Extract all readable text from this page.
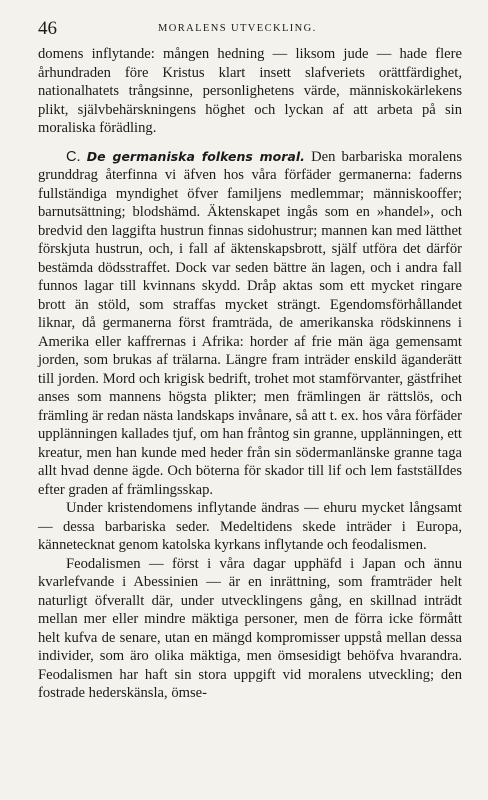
46	MORALENS UTVECKLING.

domens inflytande: mången hedning — liksom jude — hade flere århundraden före Kristus klart insett slafveriets orättfärdighet, nationalhatets trångsinne, personlighetens värde, människokärlekens plikt, självbehärskningens höghet och lyckan af att arbeta på sin moraliska förädling.

C. De germaniska folkens moral. Den barbariska moralens grunddrag återfinna vi äfven hos våra förfäder germanerna: faderns fullständiga myndighet öfver familjens medlemmar; människooffer; barnutsättning; blodshämd. Äktenskapet ingås som en »handel», och bredvid den laggifta hustrun finnas sidohustrur; mannen kan med lätthet förskjuta hustrun, och, i fall af äktenskapsbrott, själf utföra det därför bestämda dödsstraffet. Dock var seden bättre än lagen, och i andra fall funnos lagar till kvinnans skydd. Dråp aktas som ett mycket ringare brott än stöld, som straffas mycket strängt. Egendomsförhållandet liknar, då germanerna först framträda, de amerikanska rödskinnens i Amerika eller kaffrernas i Afrika: horder af frie män äga gemensamt jorden, som brukas af trälarna. Längre fram inträder enskild äganderätt till jorden. Mord och krigisk bedrift, trohet mot stamförvanter, gästfrihet anses som mannens högsta plikter; men främlingen är rättslös, och främling är redan nästa landskaps invånare, så att t. ex. hos våra förfäder upplänningen kallades tjuf, om han fråntog sin granne, upplänningen, ett kreatur, men han kunde med heder från sin södermanlänske granne taga allt hvad denne ägde. Och böterna för skador till lif och lem faststälIdes efter graden af främlingsskap.

Under kristendomens inflytande ändras — ehuru mycket långsamt — dessa barbariska seder. Medeltidens skede inträder i Europa, kännetecknat genom katolska kyrkans inflytande och feodalismen.

Feodalismen — först i våra dagar upphäfd i Japan och ännu kvarlefvande i Abessinien — är en inrättning, som framträder helt naturligt öfverallt där, under utvecklingens gång, en skillnad inträdt mellan mer eller mindre mäktiga personer, men de förra icke förmått helt kufva de senare, utan en mängd kompromisser uppstå mellan dessa individer, som äro olika mäktiga, men ömsesidigt behöfva hvarandra. Feodalismen har haft sin stora uppgift vid moralens utveckling; den fostrade hederskänsla, ömse-
